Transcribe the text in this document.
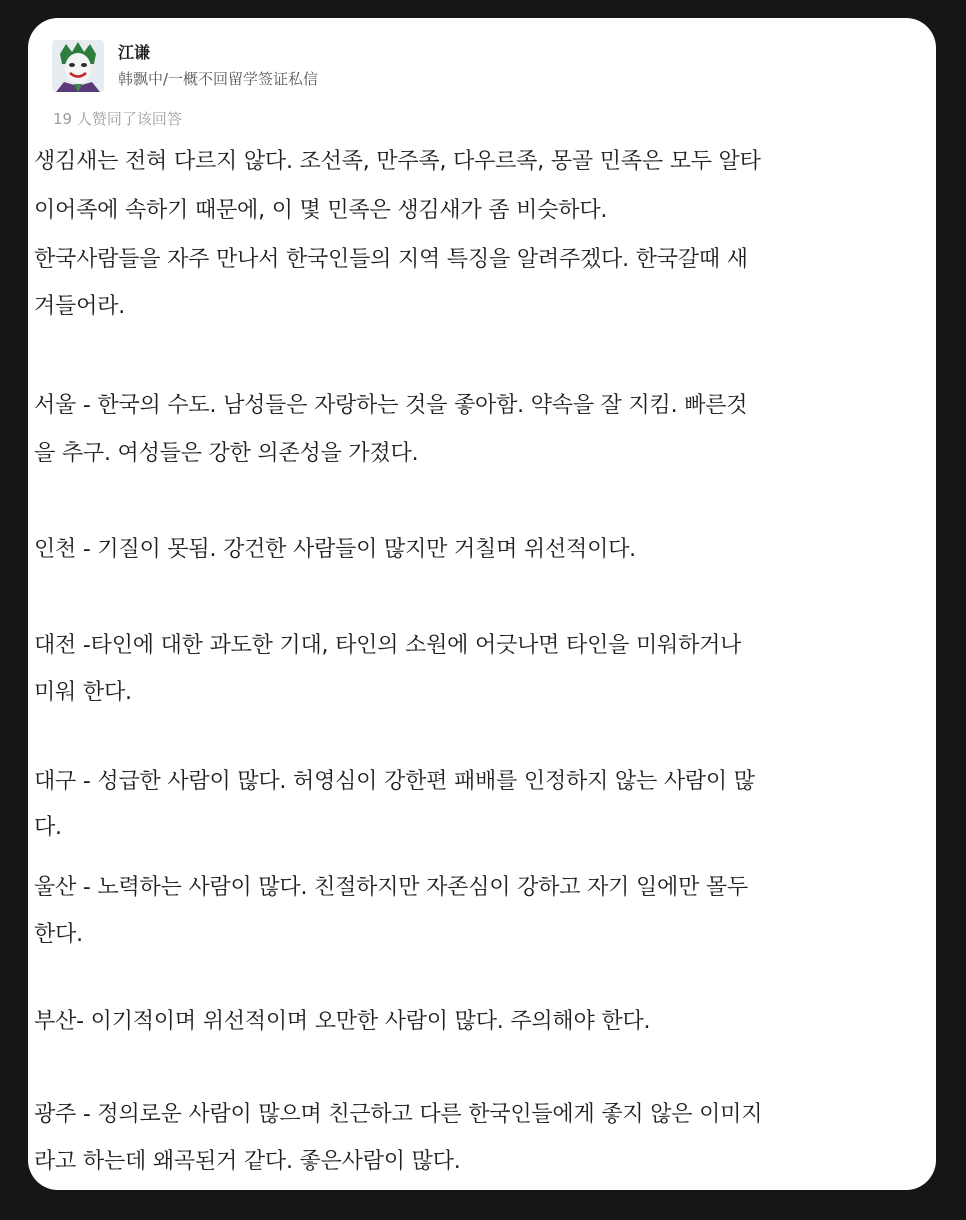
江谦
韩飘中/一概不回留学签证私信
19 人赞同了该回答
생김새는 전혀 다르지 않다. 조선족, 만주족, 다우르족, 몽골 민족은 모두 알타
이어족에 속하기 때문에, 이 몇 민족은 생김새가 좀 비슷하다.
한국사람들을 자주 만나서 한국인들의 지역 특징을 알려주겠다. 한국갈때 새
겨들어라.
서울 - 한국의 수도. 남성들은 자랑하는 것을 좋아함. 약속을 잘 지킴. 빠른것
을 추구. 여성들은 강한 의존성을 가졌다.
인천 - 기질이 못됨. 강건한 사람들이 많지만 거칠며 위선적이다.
대전 -타인에 대한 과도한 기대, 타인의 소원에 어긋나면 타인을 미워하거나
미워 한다.
대구 - 성급한 사람이 많다. 허영심이 강한편 패배를 인정하지 않는 사람이 많
다.
울산 - 노력하는 사람이 많다. 친절하지만 자존심이 강하고 자기 일에만 몰두
한다.
부산- 이기적이며 위선적이며 오만한 사람이 많다. 주의해야 한다.
광주 - 정의로운 사람이 많으며 친근하고 다른 한국인들에게 좋지 않은 이미지
라고 하는데 왜곡된거 같다. 좋은사람이 많다.
